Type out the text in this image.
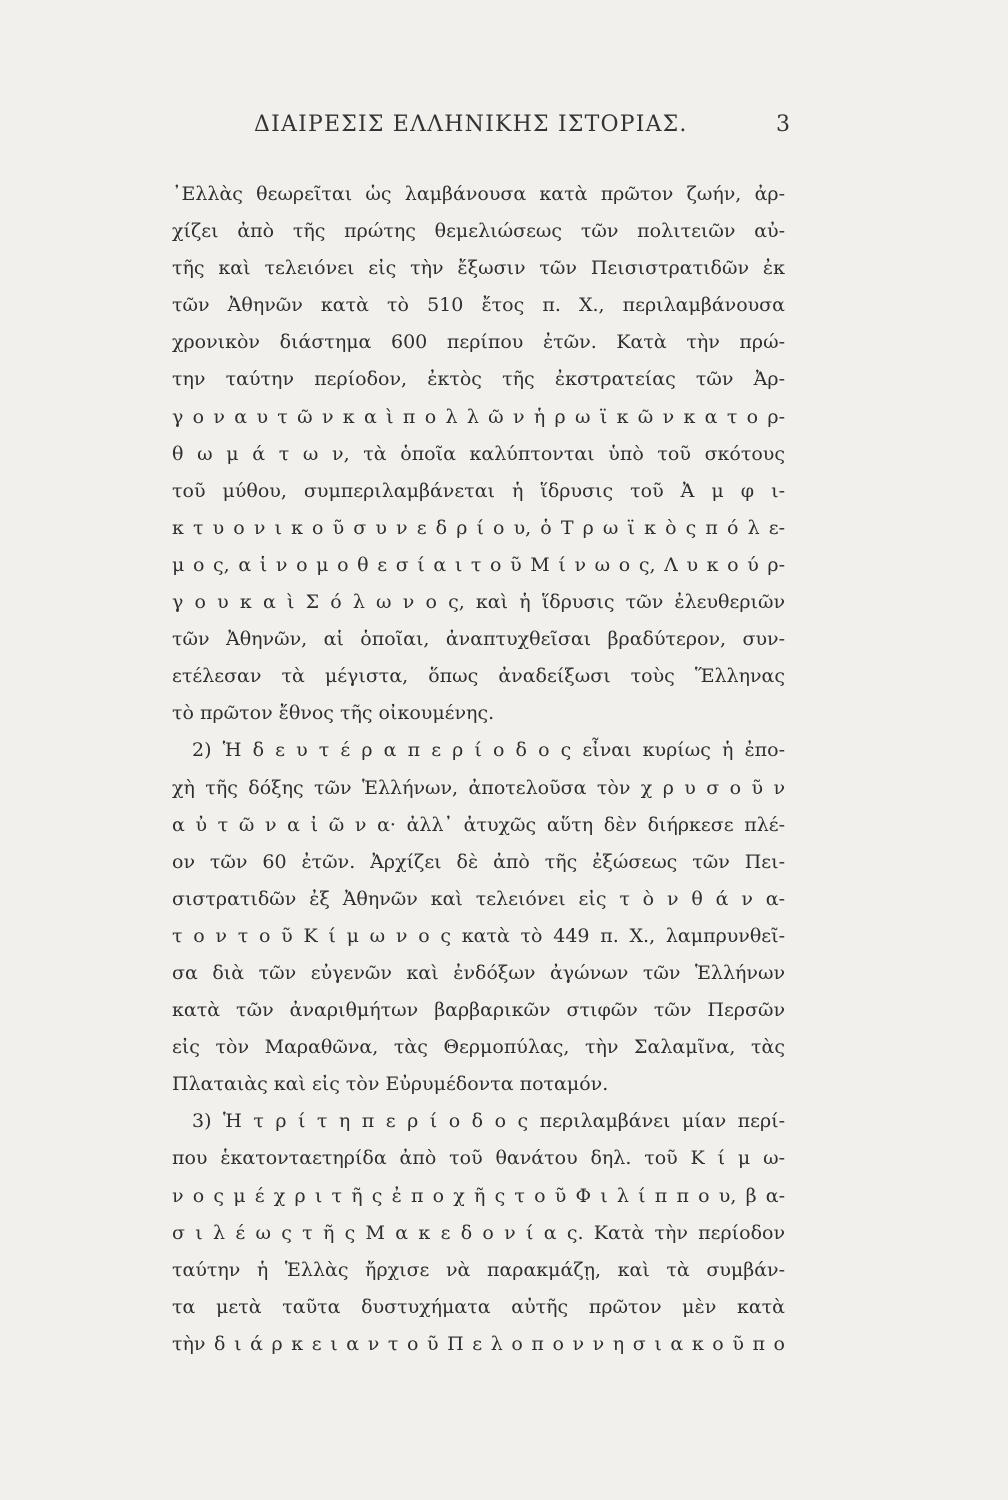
ΔΙΑΙΡΕΣΙΣ ΕΛΛΗΝΙΚΗΣ ΙΣΤΟΡΙΑΣ.	3
᾿Ελλὰς θεωρεῖται ὡς λαμβάνουσα κατὰ πρῶτον ζωήν, ἀρ-
χίζει ἀπὸ τῆς πρώτης θεμελιώσεως τῶν πολιτειῶν αὐ-
τῆς καὶ τελειόνει εἰς τὴν ἔξωσιν τῶν Πεισιστρατιδῶν ἐκ
τῶν Ἀθηνῶν κατὰ τὸ 510 ἔτος π. Χ., περιλαμβάνουσα
χρονικὸν διάστημα 600 περίπου ἐτῶν. Κατὰ τὴν πρώ-
την ταύτην περίοδον, ἐκτὸς τῆς ἐκστρατείας τῶν Ἀρ-
γ ο ν α υ τ ῶ ν κ α ὶ π ο λ λ ῶ ν ἡ ρ ω ϊ κ ῶ ν κ α τ ο ρ-
θ ω μ ά τ ω ν, τὰ ὁποῖα καλύπτονται ὑπὸ τοῦ σκότους
τοῦ μύθου, συμπεριλαμβάνεται ἡ ἵδρυσις τοῦ Ἀ μ φ ι-
κ τ υ ο ν ι κ ο ῦ σ υ ν ε δ ρ ί ο υ, ὁ Τ ρ ω ϊ κ ὸ ς π ό λ ε-
μ ο ς, α ἱ ν ο μ ο θ ε σ ί α ι τ ο ῦ Μ ί ν ω ο ς, Λ υ κ ο ύ ρ-
γ ο υ κ α ὶ Σ ό λ ω ν ο ς, καὶ ἡ ἵδρυσις τῶν ἐλευθεριῶν
τῶν Ἀθηνῶν, αἱ ὁποῖαι, ἀναπτυχθεῖσαι βραδύτερον, συν-
ετέλεσαν τὰ μέγιστα, ὅπως ἀναδείξωσι τοὺς Ἕλληνας
τὸ πρῶτον ἔθνος τῆς οἰκουμένης.
2) Ἡ δ ε υ τ έ ρ α π ε ρ ί ο δ ο ς εἶναι κυρίως ἡ ἐπο-
χὴ τῆς δόξης τῶν Ἑλλήνων, ἀποτελοῦσα τὸν χ ρ υ σ ο ῦ ν
α ὐ τ ῶ ν α ἰ ῶ ν α· ἀλλ᾿ ἀτυχῶς αὕτη δὲν διήρκεσε πλέ-
ον τῶν 60 ἐτῶν. Ἀρχίζει δὲ ἀπὸ τῆς ἐξώσεως τῶν Πει-
σιστρατιδῶν ἐξ Ἀθηνῶν καὶ τελειόνει εἰς τ ὸ ν θ ά ν α-
τ ο ν τ ο ῦ Κ ί μ ω ν ο ς κατὰ τὸ 449 π. Χ., λαμπρυνθεῖ-
σα διὰ τῶν εὐγενῶν καὶ ἐνδόξων ἀγώνων τῶν Ἑλλήνων
κατὰ τῶν ἀναριθμήτων βαρβαρικῶν στιφῶν τῶν Περσῶν
εἰς τὸν Μαραθῶνα, τὰς Θερμοπύλας, τὴν Σαλαμῖνα, τὰς
Πλαταιὰς καὶ εἰς τὸν Εὐρυμέδοντα ποταμόν.
3) Ἡ τ ρ ί τ η π ε ρ ί ο δ ο ς περιλαμβάνει μίαν περί-
που ἑκατονταετηρίδα ἀπὸ τοῦ θανάτου δηλ. τοῦ Κ ί μ ω-
ν ο ς μ έ χ ρ ι τ ῆ ς ἐ π ο χ ῆ ς τ ο ῦ Φ ι λ ί π π ο υ, β α-
σ ι λ έ ω ς τ ῆ ς Μ α κ ε δ ο ν ί α ς. Κατὰ τὴν περίοδον
ταύτην ἡ Ἑλλὰς ἤρχισε νὰ παρακμάζῃ, καὶ τὰ συμβάν-
τα μετὰ ταῦτα δυστυχήματα αὐτῆς πρῶτον μὲν κατὰ
τὴν δ ι ά ρ κ ε ι α ν τ ο ῦ Π ε λ ο π ο ν ν η σ ι α κ ο ῦ π ο
